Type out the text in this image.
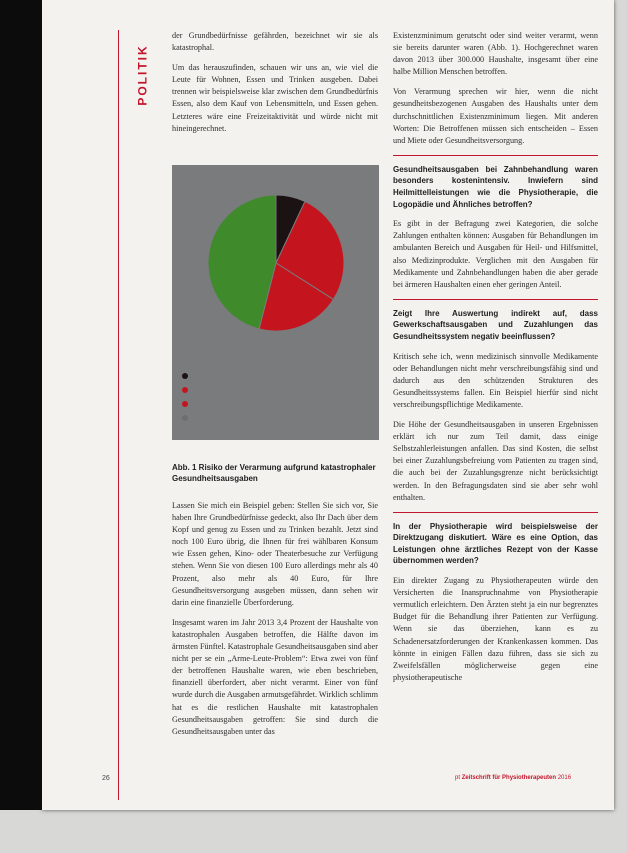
POLITIK

der Grundbedürfnisse gefährden, bezeichnet wir sie als katastrophal.

Um das herauszufinden, schauen wir uns an, wie viel die Leute für Wohnen, Essen und Trinken ausgeben. Dabei trennen wir beispielsweise klar zwischen dem Grundbedürfnis Essen, also dem Kauf von Lebensmitteln, und Essen gehen. Letzteres wäre eine Freizeitaktivität und würde nicht mit hineingerechnet.

Abb. 1 Risiko der Verarmung aufgrund katastrophaler Gesundheitsausgaben

Lassen Sie mich ein Beispiel geben: Stellen Sie sich vor, Sie haben Ihre Grundbedürfnisse gedeckt, also Ihr Dach über dem Kopf und genug zu Essen und zu Trinken bezahlt. Jetzt sind noch 100 Euro übrig, die Ihnen für frei wählbaren Konsum wie Essen gehen, Kino- oder Theaterbesuche zur Verfügung stehen. Wenn Sie von diesen 100 Euro allerdings mehr als 40 Prozent, also mehr als 40 Euro, für Ihre Gesundheitsversorgung ausgeben müssen, dann sehen wir darin eine finanzielle Überforderung.

Insgesamt waren im Jahr 2013 3,4 Prozent der Haushalte von katastrophalen Ausgaben betroffen, die Hälfte davon im ärmsten Fünftel. Katastrophale Gesundheitsausgaben sind aber nicht per se ein „Arme-Leute-Problem“: Etwa zwei von fünf der betroffenen Haushalte waren, wie eben beschrieben, finanziell überfordert, aber nicht verarmt. Einer von fünf wurde durch die Ausgaben armutsgefährdet. Wirklich schlimm hat es die restlichen Haushalte mit katastrophalen Gesundheitsausgaben getroffen: Sie sind durch die Gesundheitsausgaben unter das

Existenzminimum gerutscht oder sind weiter verarmt, wenn sie bereits darunter waren (Abb. 1). Hochgerechnet waren davon 2013 über 300.000 Haushalte, insgesamt über eine halbe Million Menschen betroffen.

Von Verarmung sprechen wir hier, wenn die nicht gesundheitsbezogenen Ausgaben des Haushalts unter dem durchschnittlichen Existenzminimum liegen. Mit anderen Worten: Die Betroffenen müssen sich entscheiden – Essen und Miete oder Gesundheitsversorgung.

Gesundheitsausgaben bei Zahnbehandlung waren besonders kostenintensiv. Inwiefern sind Heilmittelleistungen wie die Physiotherapie, die Logopädie und Ähnliches betroffen?

Es gibt in der Befragung zwei Kategorien, die solche Zahlungen enthalten können: Ausgaben für Behandlungen im ambulanten Bereich und Ausgaben für Heil- und Hilfsmittel, also Medizinprodukte. Verglichen mit den Ausgaben für Medikamente und Zahnbehandlungen haben die aber gerade bei ärmeren Haushalten einen eher geringen Anteil.

Zeigt Ihre Auswertung indirekt auf, dass Gewerkschaftsausgaben und Zuzahlungen das Gesundheitssystem negativ beeinflussen?

Kritisch sehe ich, wenn medizinisch sinnvolle Medikamente oder Behandlungen nicht mehr verschreibungsfähig sind und dadurch aus den schützenden Strukturen des Gesundheitssystems fallen. Ein Beispiel hierfür sind nicht verschreibungspflichtige Medikamente.

Die Höhe der Gesundheitsausgaben in unseren Ergebnissen erklärt ich nur zum Teil damit, dass einige Selbstzahlerleistungen anfallen. Das sind Kosten, die selbst bei einer Zuzahlungsbefreiung vom Patienten zu tragen sind, die auch bei der Zuzahlungsgrenze nicht berücksichtigt werden. In den Befragungsdaten sind sie aber sehr wohl enthalten.

In der Physiotherapie wird beispielsweise der Direktzugang diskutiert. Wäre es eine Option, das Leistungen ohne ärztliches Rezept von der Kasse übernommen werden?

Ein direkter Zugang zu Physiotherapeuten würde den Versicherten die Inanspruchnahme von Physiotherapie vermutlich erleichtern. Den Ärzten steht ja ein nur begrenztes Budget für die Behandlung ihrer Patienten zur Verfügung. Wenn sie das überziehen, kann es zu Schadenersatzforderungen der Krankenkassen kommen. Das könnte in einigen Fällen dazu führen, dass sie sich zu Zweifelsfällen möglicherweise gegen eine physiotherapeutische

26	pt Zeitschrift für Physiotherapeuten 2016
